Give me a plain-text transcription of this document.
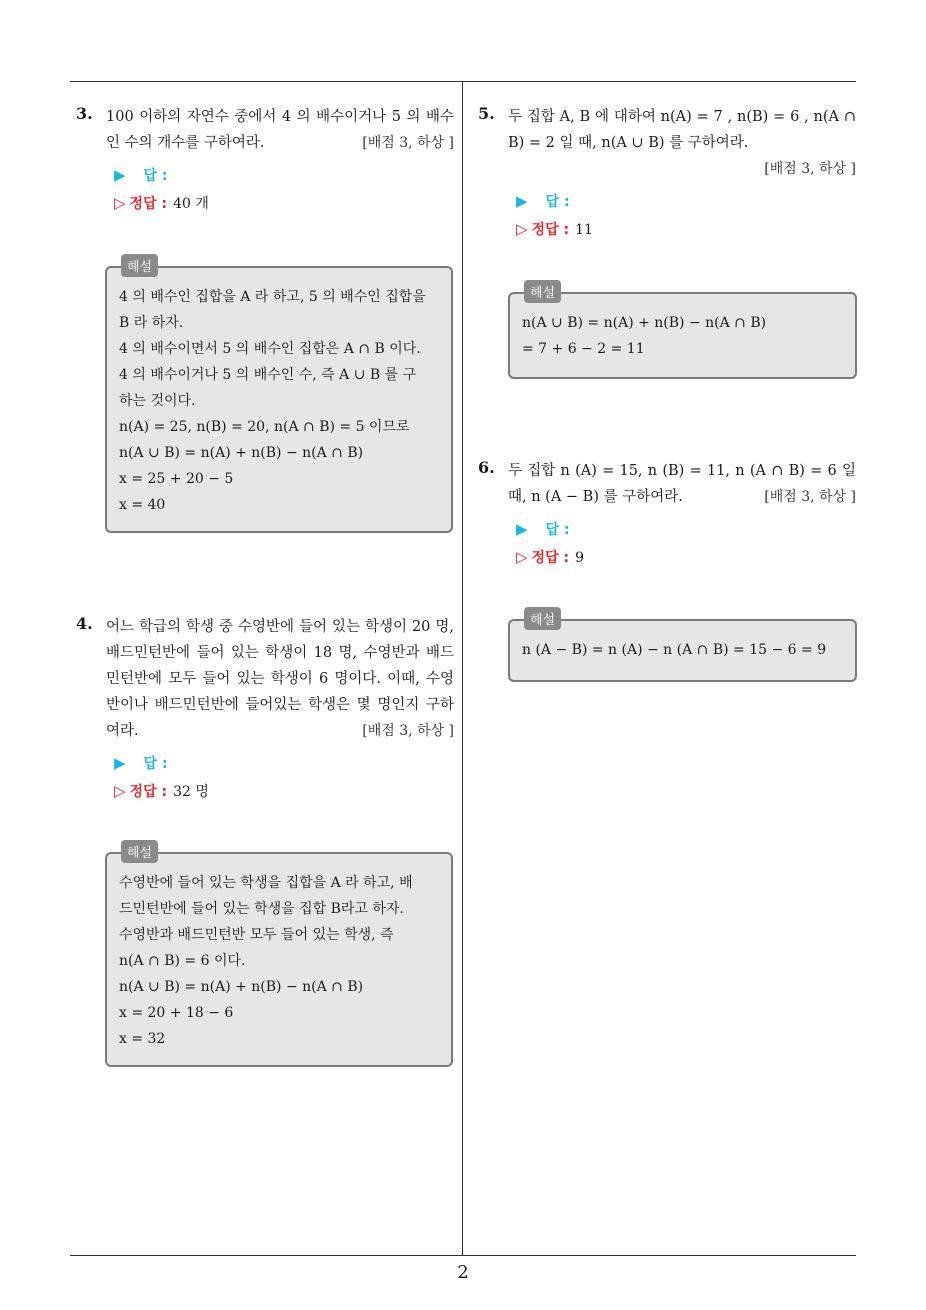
3. 100 이하의 자연수 중에서 4 의 배수이거나 5 의 배수인 수의 개수를 구하여라.	[배점 3, 하상 ]
▶ 답 :
▷ 정답 : 40 개
해설
4 의 배수인 집합을 A 라 하고, 5 의 배수인 집합을
B 라 하자.
4 의 배수이면서 5 의 배수인 집합은 A ∩ B 이다.
4 의 배수이거나 5 의 배수인 수, 즉 A ∪ B 를 구
하는 것이다.
n(A) = 25, n(B) = 20, n(A ∩ B) = 5 이므로
n(A ∪ B) = n(A) + n(B) − n(A ∩ B)
x = 25 + 20 − 5
x = 40
4. 어느 학급의 학생 중 수영반에 들어 있는 학생이 20 명, 배드민턴반에 들어 있는 학생이 18 명, 수영반과 배드민턴반에 모두 들어 있는 학생이 6 명이다. 이때, 수영반이나 배드민턴반에 들어있는 학생은 몇 명인지 구하여라.	[배점 3, 하상 ]
▶ 답 :
▷ 정답 : 32 명
해설
수영반에 들어 있는 학생을 집합을 A 라 하고, 배
드민턴반에 들어 있는 학생을 집합 B라고 하자.
수영반과 배드민턴반 모두 들어 있는 학생, 즉
n(A ∩ B) = 6 이다.
n(A ∪ B) = n(A) + n(B) − n(A ∩ B)
x = 20 + 18 − 6
x = 32
5. 두 집합 A, B 에 대하여 n(A) = 7 , n(B) = 6 , n(A ∩ B) = 2 일 때, n(A ∪ B) 를 구하여라.
[배점 3, 하상 ]
▶ 답 :
▷ 정답 : 11
해설
n(A ∪ B) = n(A) + n(B) − n(A ∩ B)
= 7 + 6 − 2 = 11
6. 두 집합 n (A) = 15, n (B) = 11, n (A ∩ B) = 6 일 때, n (A − B) 를 구하여라.	[배점 3, 하상 ]
▶ 답 :
▷ 정답 : 9
해설
n (A − B) = n (A) − n (A ∩ B) = 15 − 6 = 9
2
